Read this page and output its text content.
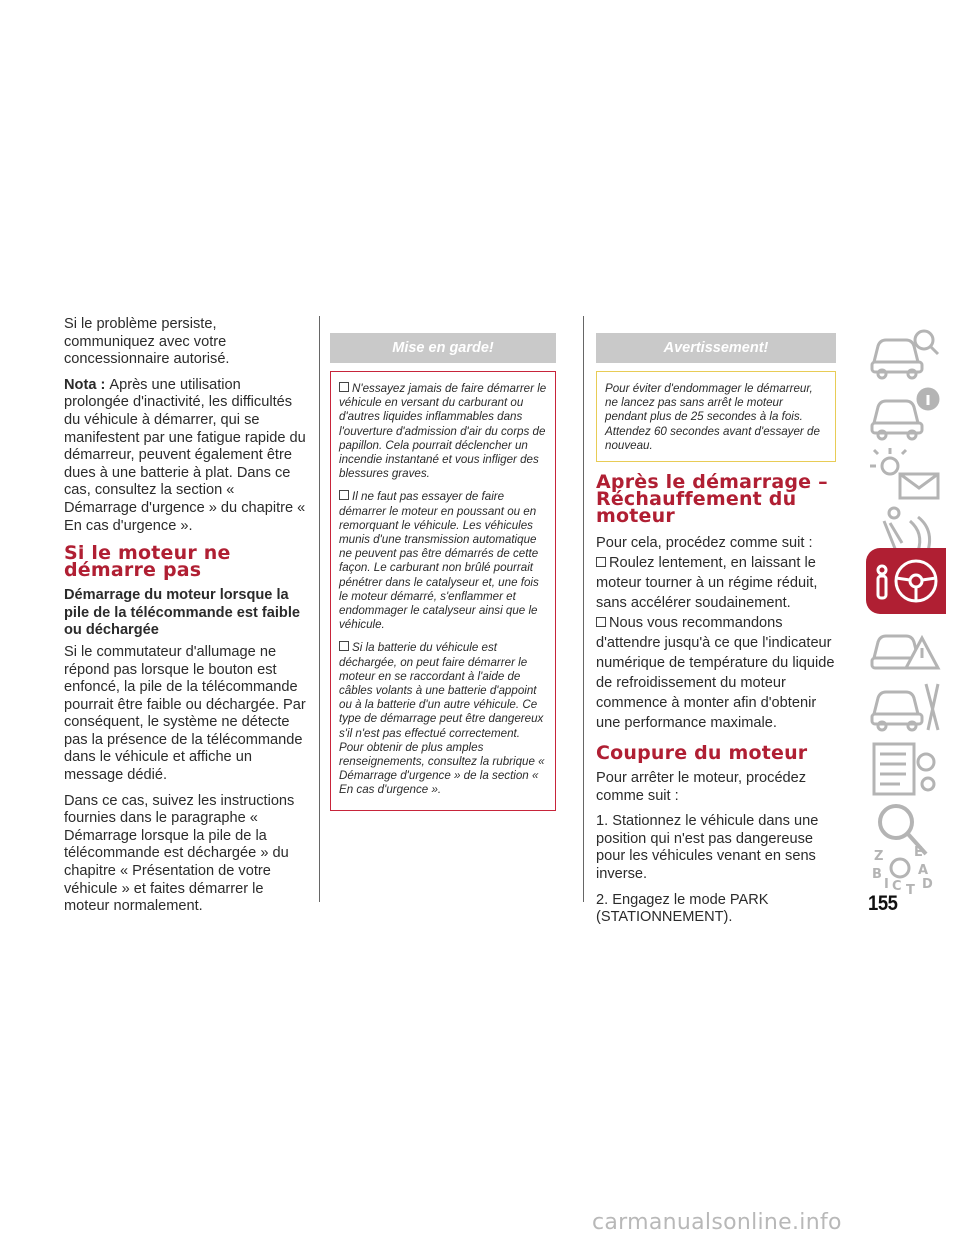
Si le problème persiste, communiquez avec votre concessionnaire autorisé.

Nota : Après une utilisation prolongée d'inactivité, les difficultés du véhicule à démarrer, qui se manifestent par une fatigue rapide du démarreur, peuvent également être dues à une batterie à plat. Dans ce cas, consultez la section « Démarrage d'urgence » du chapitre « En cas d'urgence ».

Si le moteur ne démarre pas
Démarrage du moteur lorsque la pile de la télécommande est faible ou déchargée

Si le commutateur d'allumage ne répond pas lorsque le bouton est enfoncé, la pile de la télécommande pourrait être faible ou déchargée. Par conséquent, le système ne détecte pas la présence de la télécommande dans le véhicule et affiche un message dédié.

Dans ce cas, suivez les instructions fournies dans le paragraphe « Démarrage lorsque la pile de la télécommande est déchargée » du chapitre « Présentation de votre véhicule » et faites démarrer le moteur normalement.

Mise en garde!

N'essayez jamais de faire démarrer le véhicule en versant du carburant ou d'autres liquides inflammables dans l'ouverture d'admission d'air du corps de papillon. Cela pourrait déclencher un incendie instantané et vous infliger des blessures graves.

Il ne faut pas essayer de faire démarrer le moteur en poussant ou en remorquant le véhicule. Les véhicules munis d'une transmission automatique ne peuvent pas être démarrés de cette façon. Le carburant non brûlé pourrait pénétrer dans le catalyseur et, une fois le moteur démarré, s'enflammer et endommager le catalyseur ainsi que le véhicule.

Si la batterie du véhicule est déchargée, on peut faire démarrer le moteur en se raccordant à l'aide de câbles volants à une batterie d'appoint ou à la batterie d'un autre véhicule. Ce type de démarrage peut être dangereux s'il n'est pas effectué correctement. Pour obtenir de plus amples renseignements, consultez la rubrique « Démarrage d'urgence » de la section « En cas d'urgence ».

Avertissement!

Pour éviter d'endommager le démarreur, ne lancez pas sans arrêt le moteur pendant plus de 25 secondes à la fois. Attendez 60 secondes avant d'essayer de nouveau.

Après le démarrage – Réchauffement du moteur

Pour cela, procédez comme suit :

Roulez lentement, en laissant le moteur tourner à un régime réduit, sans accélérer soudainement.

Nous vous recommandons d'attendre jusqu'à ce que l'indicateur numérique de température du liquide de refroidissement du moteur commence à monter afin d'obtenir une performance maximale.

Coupure du moteur

Pour arrêter le moteur, procédez comme suit :

1. Stationnez le véhicule dans une position qui n'est pas dangereuse pour les véhicules venant en sens inverse.

2. Engagez le mode PARK (STATIONNEMENT).

Z E
B	A
I C T D
155
carmanualsonline.info
